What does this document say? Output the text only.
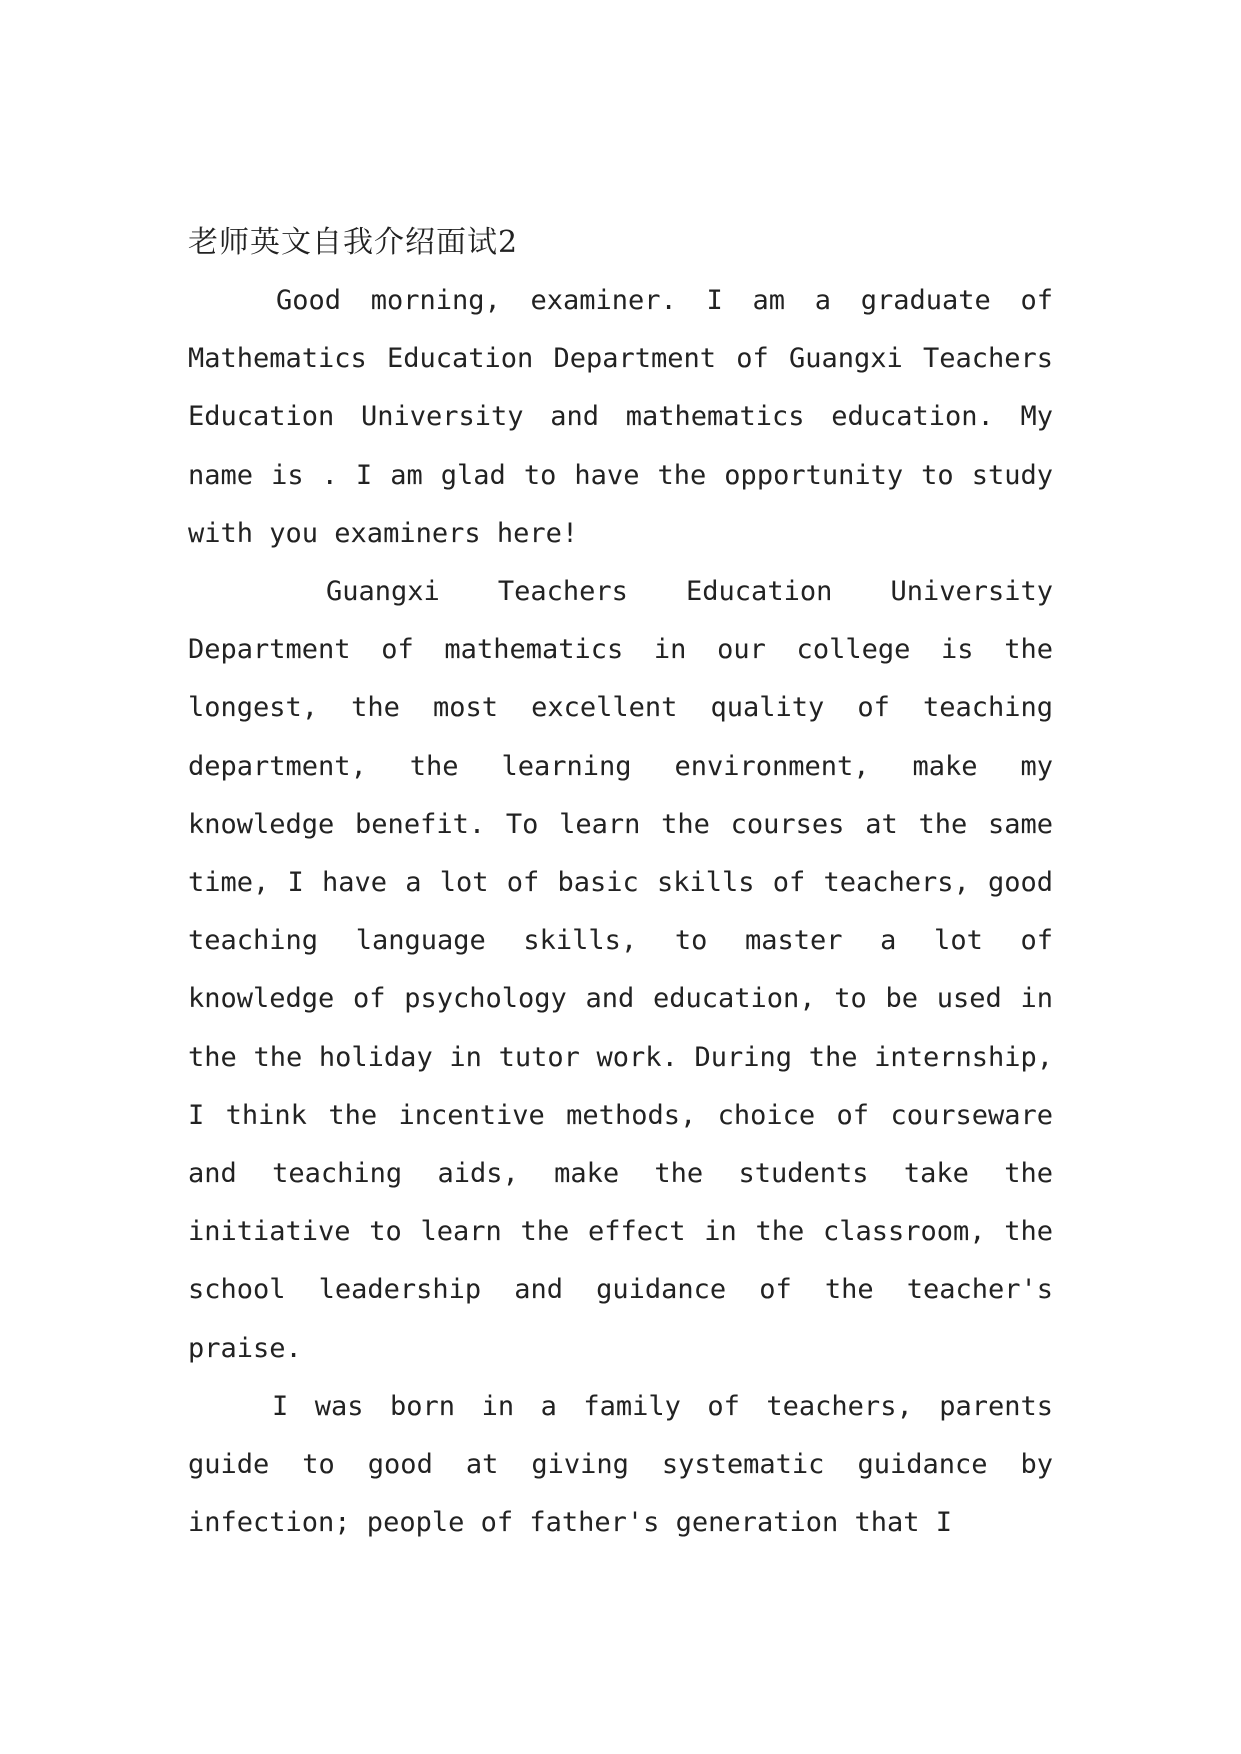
老师英文自我介绍面试2

Good morning, examiner. I am a graduate of Mathematics Education Department of Guangxi Teachers Education University and mathematics education. My name is . I am glad to have the opportunity to study with you examiners here!

Guangxi Teachers Education University Department of mathematics in our college is the longest, the most excellent quality of teaching department, the learning environment, make my knowledge benefit. To learn the courses at the same time, I have a lot of basic skills of teachers, good teaching language skills, to master a lot of knowledge of psychology and education, to be used in the the holiday in tutor work. During the internship, I think the incentive methods, choice of courseware and teaching aids, make the students take the initiative to learn the effect in the classroom, the school leadership and guidance of the teacher's praise.

I was born in a family of teachers, parents guide to good at giving systematic guidance by infection; people of father's generation that I
